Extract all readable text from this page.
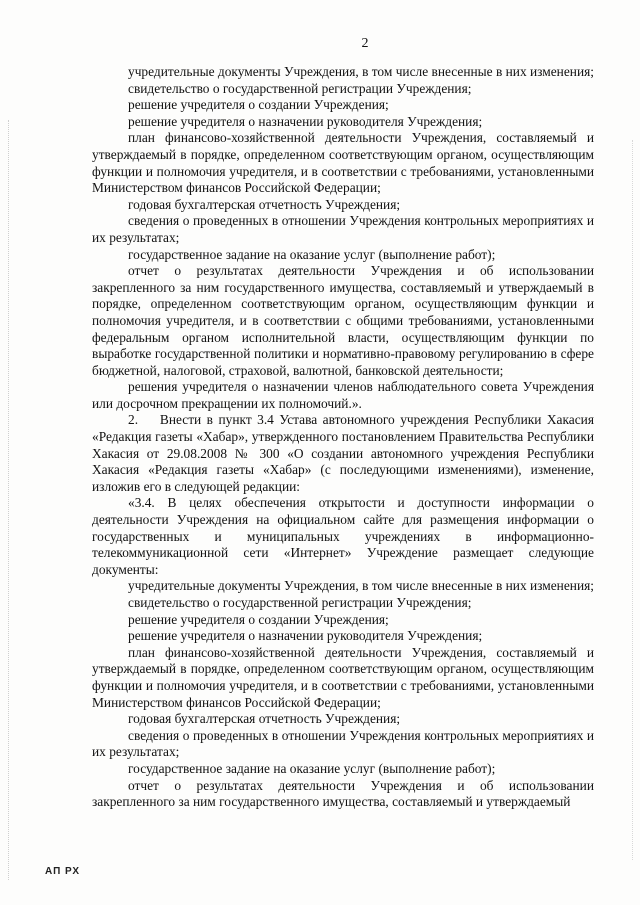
2

учредительные документы Учреждения, в том числе внесенные в них изменения;

свидетельство о государственной регистрации Учреждения;

решение учредителя о создании Учреждения;

решение учредителя о назначении руководителя Учреждения;

план финансово-хозяйственной деятельности Учреждения, составляемый и утверждаемый в порядке, определенном соответствующим органом, осуществляющим функции и полномочия учредителя, и в соответствии с требованиями, установленными Министерством финансов Российской Федерации;

годовая бухгалтерская отчетность Учреждения;

сведения о проведенных в отношении Учреждения контрольных мероприятиях и их результатах;

государственное задание на оказание услуг (выполнение работ);

отчет о результатах деятельности Учреждения и об использовании закрепленного за ним государственного имущества, составляемый и утверждаемый в порядке, определенном соответствующим органом, осуществляющим функции и полномочия учредителя, и в соответствии с общими требованиями, установленными федеральным органом исполнительной власти, осуществляющим функции по выработке государственной политики и нормативно-правовому регулированию в сфере бюджетной, налоговой, страховой, валютной, банковской деятельности;

решения учредителя о назначении членов наблюдательного совета Учреждения или досрочном прекращении их полномочий.».

2.    Внести в пункт 3.4 Устава автономного учреждения Республики Хакасия «Редакция газеты «Хабар», утвержденного постановлением Правительства Республики Хакасия от 29.08.2008 № 300 «О создании автономного учреждения Республики Хакасия «Редакция газеты «Хабар» (с последующими изменениями), изменение, изложив его в следующей редакции:

«3.4. В целях обеспечения открытости и доступности информации о деятельности Учреждения на официальном сайте для размещения информации о государственных и муниципальных учреждениях в информационно-телекоммуникационной сети «Интернет» Учреждение размещает следующие документы:

учредительные документы Учреждения, в том числе внесенные в них изменения;

свидетельство о государственной регистрации Учреждения;

решение учредителя о создании Учреждения;

решение учредителя о назначении руководителя Учреждения;

план финансово-хозяйственной деятельности Учреждения, составляемый и утверждаемый в порядке, определенном соответствующим органом, осуществляющим функции и полномочия учредителя, и в соответствии с требованиями, установленными Министерством финансов Российской Федерации;

годовая бухгалтерская отчетность Учреждения;

сведения о проведенных в отношении Учреждения контрольных мероприятиях и их результатах;

государственное задание на оказание услуг (выполнение работ);

отчет о результатах деятельности Учреждения и об использовании закрепленного за ним государственного имущества, составляемый и утверждаемый

АП РХ
